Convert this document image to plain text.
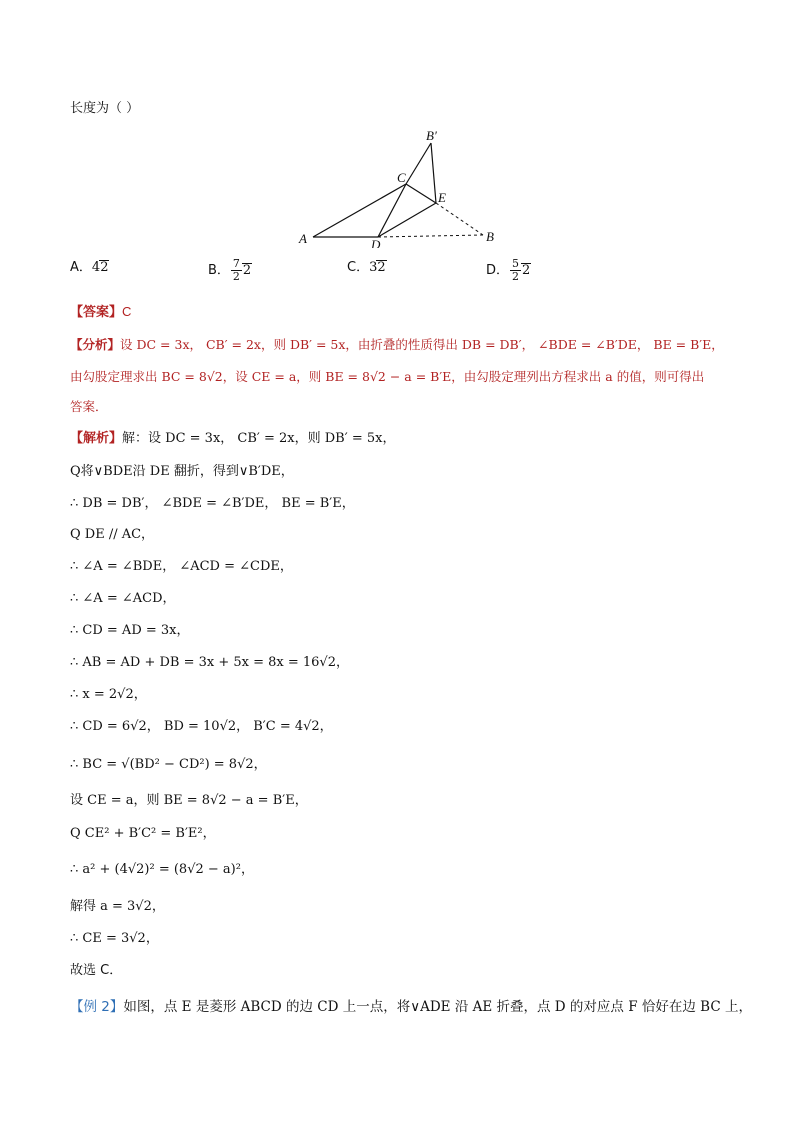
长度为（ ）
A	D
C
E
B
B′
A．42	B． $\frac{7}{2} 2$	C．32	D． $\frac{5}{2} 2$
【答案】C
【分析】设 DC = 3x， CB′ = 2x，则 DB′ = 5x，由折叠的性质得出 DB = DB′， ∠BDE = ∠B′DE， BE = B′E，
由勾股定理求出 BC = 8√2，设 CE = a，则 BE = 8√2 − a = B′E，由勾股定理列出方程求出 a 的值，则可得出
答案．
【解析】解：设 DC = 3x， CB′ = 2x，则 DB′ = 5x，
Q将∨BDE沿 DE 翻折，得到∨B′DE，
∴ DB = DB′， ∠BDE = ∠B′DE， BE = B′E，
Q DE // AC，
∴ ∠A = ∠BDE， ∠ACD = ∠CDE，
∴ ∠A = ∠ACD，
∴ CD = AD = 3x，
∴ AB = AD + DB = 3x + 5x = 8x = 16√2，
∴ x = 2√2，
∴ CD = 6√2， BD = 10√2， B′C = 4√2，
∴ BC = √(BD² − CD²) = 8√2，
设 CE = a，则 BE = 8√2 − a = B′E，
Q CE² + B′C² = B′E²，
∴ a² + (4√2)² = (8√2 − a)²，
解得 a = 3√2，
∴ CE = 3√2，
故选 C．
【例 2】如图，点 E 是菱形 ABCD 的边 CD 上一点，将∨ADE 沿 AE 折叠，点 D 的对应点 F 恰好在边 BC 上，
